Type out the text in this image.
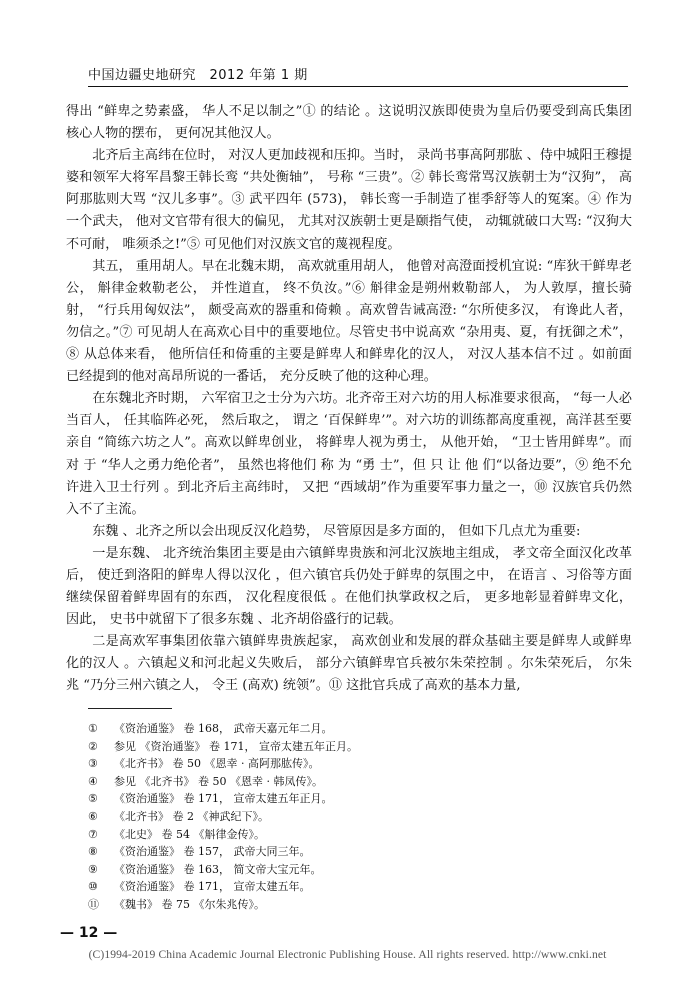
中国边疆史地研究　2012 年第 1 期

得出 “鲜卑之势素盛， 华人不足以制之”① 的结论 。这说明汉族即使贵为皇后仍要受到高氏集团核心人物的摆布， 更何况其他汉人。

北齐后主高纬在位时， 对汉人更加歧视和压抑。当时， 录尚书事高阿那肱 、侍中城阳王穆提婆和领军大将军昌黎王韩长鸾 “共处衡轴”， 号称 “三贵”。② 韩长鸾常骂汉族朝士为“汉狗”， 高阿那肱则大骂 “汉儿多事”。③ 武平四年 (573)， 韩长鸾一手制造了崔季舒等人的冤案。④ 作为一个武夫， 他对文官带有很大的偏见， 尤其对汉族朝士更是颐指气使， 动辄就破口大骂: “汉狗大不可耐， 唯须杀之!”⑤ 可见他们对汉族文官的蔑视程度。

其五， 重用胡人。早在北魏末期， 高欢就重用胡人， 他曾对高澄面授机宜说: “库狄干鲜卑老公， 斛律金敕勒老公， 并性道直， 终不负汝。”⑥ 斛律金是朔州敕勒部人， 为人敦厚，擅长骑射， “行兵用匈奴法”， 颇受高欢的器重和倚赖 。高欢曾告诫高澄: “尔所使多汉， 有谗此人者， 勿信之。”⑦ 可见胡人在高欢心目中的重要地位。尽管史书中说高欢 “杂用夷、夏，有抚御之术”，⑧ 从总体来看， 他所信任和倚重的主要是鲜卑人和鲜卑化的汉人， 对汉人基本信不过 。如前面已经提到的他对高昂所说的一番话， 充分反映了他的这种心理。

在东魏北齐时期， 六军宿卫之士分为六坊。北齐帝王对六坊的用人标准要求很高， “每一人必当百人， 任其临阵必死， 然后取之， 谓之 ‘百保鲜卑’”。对六坊的训练都高度重视，高洋甚至要亲自 “简练六坊之人”。高欢以鲜卑创业， 将鲜卑人视为勇士， 从他开始， “卫士皆用鲜卑”。而 对 于 “华人之勇力绝伦者”， 虽然也将他们 称 为 “勇 士”，但 只 让 他 们“以备边要”，⑨ 绝不允许进入卫士行列 。到北齐后主高纬时， 又把 “西域胡”作为重要军事力量之一，⑩ 汉族官兵仍然入不了主流。

东魏 、北齐之所以会出现反汉化趋势， 尽管原因是多方面的， 但如下几点尤为重要:

一是东魏、 北齐统治集团主要是由六镇鲜卑贵族和河北汉族地主组成， 孝文帝全面汉化改革后， 使迁到洛阳的鲜卑人得以汉化 ，但六镇官兵仍处于鲜卑的氛围之中， 在语言 、习俗等方面继续保留着鲜卑固有的东西， 汉化程度很低 。在他们执掌政权之后， 更多地彰显着鲜卑文化， 因此， 史书中就留下了很多东魏 、北齐胡俗盛行的记载。

二是高欢军事集团依靠六镇鲜卑贵族起家， 高欢创业和发展的群众基础主要是鲜卑人或鲜卑化的汉人 。六镇起义和河北起义失败后， 部分六镇鲜卑官兵被尔朱荣控制 。尔朱荣死后， 尔朱兆 “乃分三州六镇之人， 令王 (高欢) 统领”。⑪ 这批官兵成了高欢的基本力量,

① 《资治通鉴》 卷 168， 武帝天嘉元年二月。
② 参见 《资治通鉴》 卷 171， 宣帝太建五年正月。
③ 《北齐书》 卷 50 《恩幸 · 高阿那肱传》。
④ 参见 《北齐书》 卷 50 《恩幸 · 韩凤传》。
⑤ 《资治通鉴》 卷 171， 宣帝太建五年正月。
⑥ 《北齐书》 卷 2 《神武纪下》。
⑦ 《北史》 卷 54 《斛律金传》。
⑧ 《资治通鉴》 卷 157， 武帝大同三年。
⑨ 《资治通鉴》 卷 163， 简文帝大宝元年。
⑩ 《资治通鉴》 卷 171， 宣帝太建五年。
⑪ 《魏书》 卷 75 《尔朱兆传》。
— 12 —
(C)1994-2019 China Academic Journal Electronic Publishing House. All rights reserved. http://www.cnki.net
